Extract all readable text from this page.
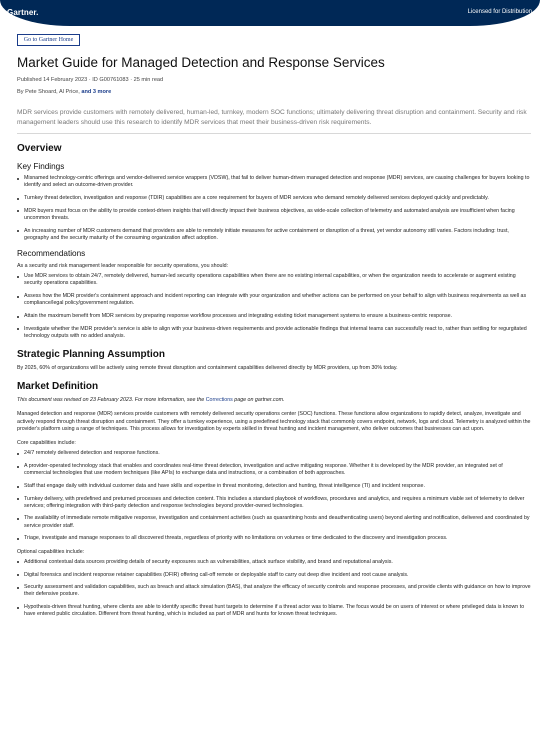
Gartner.	Licensed for Distribution
Go to Gartner Home
Market Guide for Managed Detection and Response Services
Published 14 February 2023 · ID G00761083 · 25 min read
By Pete Shoard, Al Price, and 3 more
MDR services provide customers with remotely delivered, human-led, turnkey, modern SOC functions; ultimately delivering threat disruption and containment. Security and risk management leaders should use this research to identify MDR services that meet their business-driven risk requirements.
Overview
Key Findings
Misnamed technology-centric offerings and vendor-delivered service wrappers (VDSW), that fail to deliver human-driven managed detection and response (MDR) services, are causing challenges for buyers looking to identify and select an outcome-driven provider.
Turnkey threat detection, investigation and response (TDIR) capabilities are a core requirement for buyers of MDR services who demand remotely delivered services deployed quickly and predictably.
MDR buyers must focus on the ability to provide context-driven insights that will directly impact their business objectives, as wide-scale collection of telemetry and automated analysis are insufficient when facing uncommon threats.
An increasing number of MDR customers demand that providers are able to remotely initiate measures for active containment or disruption of a threat, yet vendor autonomy still varies. Factors including: trust, geography and the security maturity of the consuming organization affect adoption.
Recommendations

As a security and risk management leader responsible for security operations, you should:

Use MDR services to obtain 24/7, remotely delivered, human-led security operations capabilities when there are no existing internal capabilities, or when the organization needs to accelerate or augment existing security operations capabilities.
Assess how the MDR provider's containment approach and incident reporting can integrate with your organization and whether actions can be performed on your behalf to align with business requirements as well as compliance/legal policy/government regulation.
Attain the maximum benefit from MDR services by preparing response workflow processes and integrating existing ticket management systems to ensure a business-centric response.
Investigate whether the MDR provider's service is able to align with your business-driven requirements and provide actionable findings that internal teams can successfully react to, rather than settling for regurgitated technology outputs with no added analysis.
Strategic Planning Assumption

By 2025, 60% of organizations will be actively using remote threat disruption and containment capabilities delivered directly by MDR providers, up from 30% today.

Market Definition

This document was revised on 23 February 2023. For more information, see the Corrections page on gartner.com.

Managed detection and response (MDR) services provide customers with remotely delivered security operations center (SOC) functions. These functions allow organizations to rapidly detect, analyze, investigate and actively respond through threat disruption and containment. They offer a turnkey experience, using a predefined technology stack that commonly covers endpoint, network, logs and cloud. Telemetry is analyzed within the provider's platform using a range of techniques. This process allows for investigation by experts skilled in threat hunting and incident management, who deliver outcomes that businesses can act upon.

Core capabilities include:

24/7 remotely delivered detection and response functions.
A provider-operated technology stack that enables and coordinates real-time threat detection, investigation and active mitigating response. Whether it is developed by the MDR provider, an integrated set of commercial technologies that use modern techniques (like APIs) to exchange data and instructions, or a combination of both approaches.
Staff that engage daily with individual customer data and have skills and expertise in threat monitoring, detection and hunting, threat intelligence (TI) and incident response.
Turnkey delivery, with predefined and preturned processes and detection content. This includes a standard playbook of workflows, procedures and analytics, and requires a minimum viable set of telemetry to deliver services; offering integration with third-party detection and response technologies beyond provider-owned technologies.
The availability of immediate remote mitigative response, investigation and containment activities (such as quarantining hosts and deauthenticating users) beyond alerting and notification, delivered and coordinated by service provider staff.
Triage, investigate and manage responses to all discovered threats, regardless of priority with no limitations on volumes or time dedicated to the discovery and investigation process.

Optional capabilities include:

Additional contextual data sources providing details of security exposures such as vulnerabilities, attack surface visibility, and brand and reputational analysis.
Digital forensics and incident response retainer capabilities (DFIR) offering call-off remote or deployable staff to carry out deep dive incident and root cause analysis.
Security assessment and validation capabilities, such as breach and attack simulation (BAS), that analyze the efficacy of security controls and response processes, and provide clients with guidance on how to improve their defensive posture.
Hypothesis-driven threat hunting, where clients are able to identify specific threat hunt targets to determine if a threat actor was to blame. The focus would be on users of interest or where privileged data is known to have entered public circulation. Different from threat hunting, which is included as part of MDR and hunts for known threat techniques.
